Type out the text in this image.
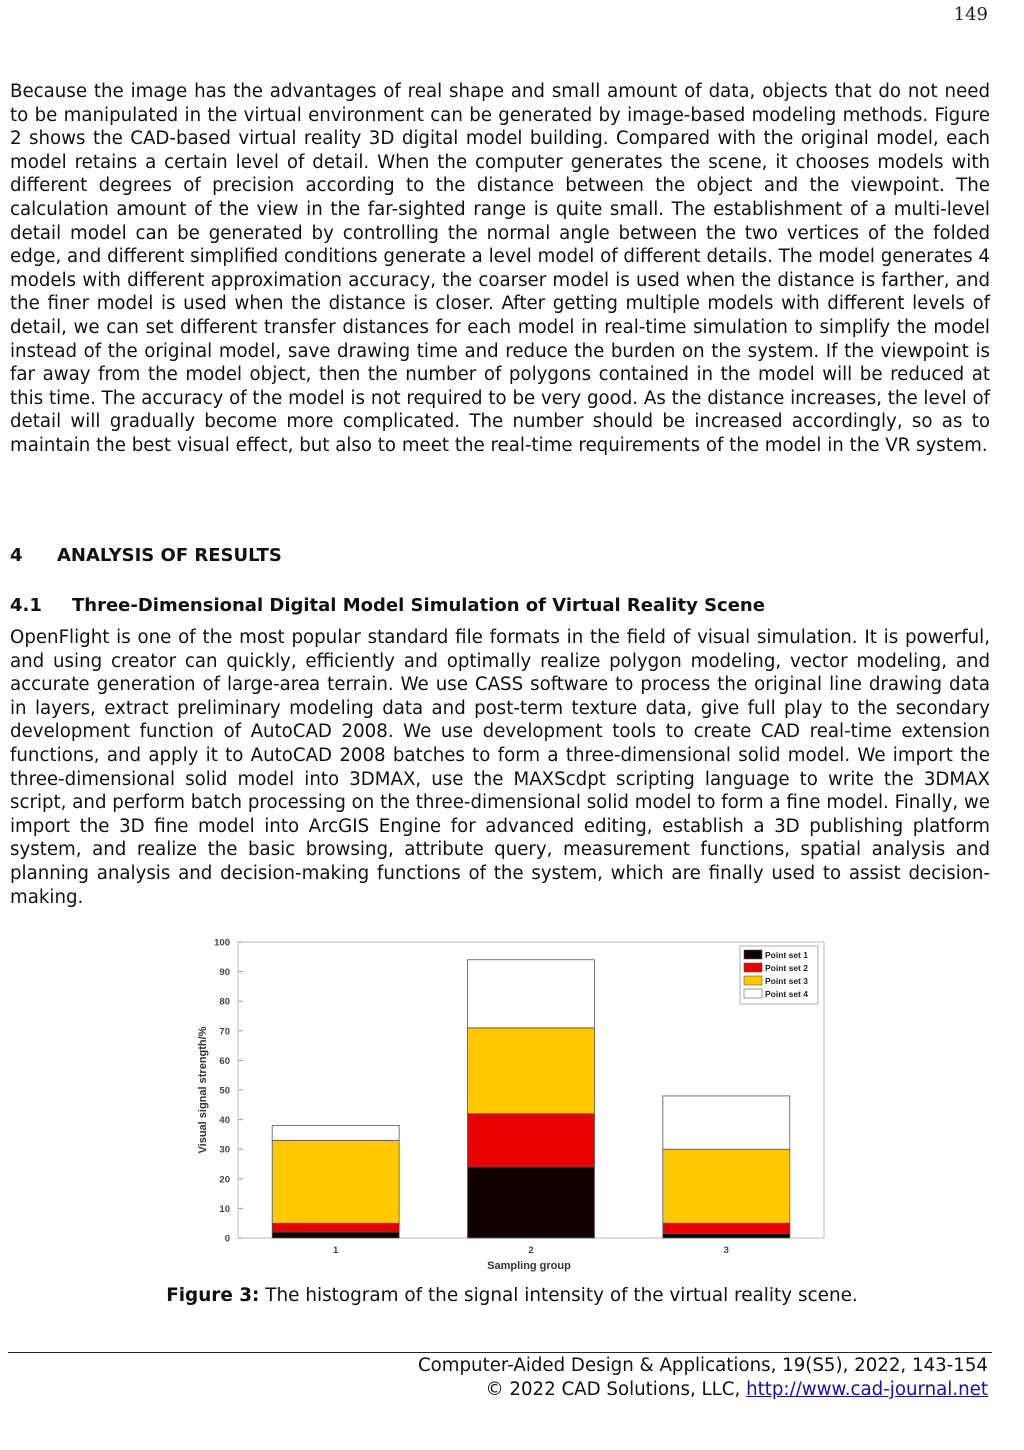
149

Because the image has the advantages of real shape and small amount of data, objects that do not need to be manipulated in the virtual environment can be generated by image-based modeling methods. Figure 2 shows the CAD-based virtual reality 3D digital model building. Compared with the original model, each model retains a certain level of detail. When the computer generates the scene, it chooses models with different degrees of precision according to the distance between the object and the viewpoint. The calculation amount of the view in the far-sighted range is quite small. The establishment of a multi-level detail model can be generated by controlling the normal angle between the two vertices of the folded edge, and different simplified conditions generate a level model of different details. The model generates 4 models with different approximation accuracy, the coarser model is used when the distance is farther, and the finer model is used when the distance is closer. After getting multiple models with different levels of detail, we can set different transfer distances for each model in real-time simulation to simplify the model instead of the original model, save drawing time and reduce the burden on the system. If the viewpoint is far away from the model object, then the number of polygons contained in the model will be reduced at this time. The accuracy of the model is not required to be very good. As the distance increases, the level of detail will gradually become more complicated. The number should be increased accordingly, so as to maintain the best visual effect, but also to meet the real-time requirements of the model in the VR system.

4 ANALYSIS OF RESULTS
4.1 Three-Dimensional Digital Model Simulation of Virtual Reality Scene

OpenFlight is one of the most popular standard file formats in the field of visual simulation. It is powerful, and using creator can quickly, efficiently and optimally realize polygon modeling, vector modeling, and accurate generation of large-area terrain. We use CASS software to process the original line drawing data in layers, extract preliminary modeling data and post-term texture data, give full play to the secondary development function of AutoCAD 2008. We use development tools to create CAD real-time extension functions, and apply it to AutoCAD 2008 batches to form a three-dimensional solid model. We import the three-dimensional solid model into 3DMAX, use the MAXScdpt scripting language to write the 3DMAX script, and perform batch processing on the three-dimensional solid model to form a fine model. Finally, we import the 3D fine model into ArcGIS Engine for advanced editing, establish a 3D publishing platform system, and realize the basic browsing, attribute query, measurement functions, spatial analysis and planning analysis and decision-making functions of the system, which are finally used to assist decision-making.

0
10
20
30
40
50
60
70
80
90
100
1	2	3
Point set 1
Point set 2
Point set 3
Point set 4
Sampling group
Visual signal strength/%

Figure 3: The histogram of the signal intensity of the virtual reality scene.

Computer-Aided Design & Applications, 19(S5), 2022, 143-154
© 2022 CAD Solutions, LLC, http://www.cad-journal.net
